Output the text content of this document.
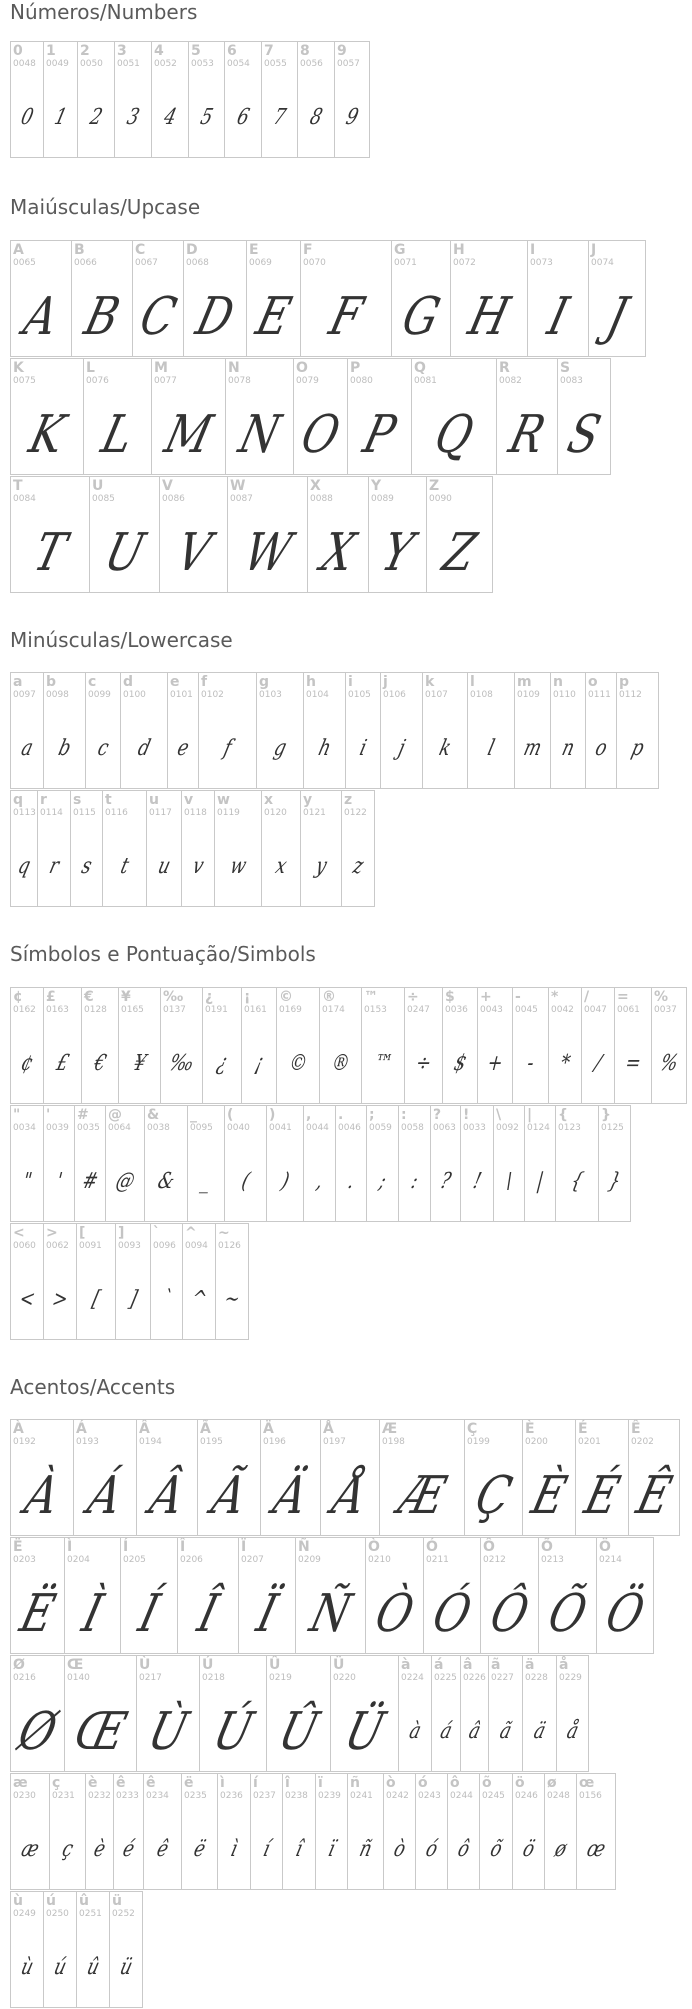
Números/Numbers
0
0048
0
1
0049
1
2
0050
2
3
0051
3
4
0052
4
5
0053
5
6
0054
6
7
0055
7
8
0056
8
9
0057
9
Maiúsculas/Upcase
A
0065
A
B
0066
B
C
0067
C
D
0068
D
E
0069
E
F
0070
F
G
0071
G
H
0072
H
I
0073
I
J
0074
J
K
0075
K
L
0076
L
M
0077
M
N
0078
N
O
0079
O
P
0080
P
Q
0081
Q
R
0082
R
S
0083
S
T
0084
T
U
0085
U
V
0086
V
W
0087
W
X
0088
X
Y
0089
Y
Z
0090
Z
Minúsculas/Lowercase
a
0097
a
b
0098
b
c
0099
c
d
0100
d
e
0101
e
f
0102
f
g
0103
g
h
0104
h
i
0105
i
j
0106
j
k
0107
k
l
0108
l
m
0109
m
n
0110
n
o
0111
o
p
0112
p
q
0113
q
r
0114
r
s
0115
s
t
0116
t
u
0117
u
v
0118
v
w
0119
w
x
0120
x
y
0121
y
z
0122
z
Símbolos e Pontuação/Simbols
¢
0162
¢
£
0163
£
€
0128
€
¥
0165
¥
‰
0137
‰
¿
0191
¿
¡
0161
¡
©
0169
©
®
0174
®
™
0153
™
÷
0247
÷
$
0036
$
+
0043
+
-
0045
-
*
0042
*
/
0047
/
=
0061
=
%
0037
%
"
0034
"
'
0039
'
#
0035
#
@
0064
@
&
0038
&
_
0095
_
(
0040
(
)
0041
)
,
0044
,
.
0046
.
;
0059
;
:
0058
:
?
0063
?
!
0033
!
\
0092
\
|
0124
|
{
0123
{
}
0125
}
<
0060
<
>
0062
>
[
0091
[
]
0093
]
`
0096
`
^
0094
^
~
0126
~
Acentos/Accents
À
0192
À
Á
0193
Á
Â
0194
Â
Ã
0195
Ã
Ä
0196
Ä
Å
0197
Å
Æ
0198
Æ
Ç
0199
Ç
È
0200
È
É
0201
É
Ê
0202
Ê
Ë
0203
Ë
Ì
0204
Ì
Í
0205
Í
Î
0206
Î
Ï
0207
Ï
Ñ
0209
Ñ
Ò
0210
Ò
Ó
0211
Ó
Ô
0212
Ô
Õ
0213
Õ
Ö
0214
Ö
Ø
0216
Ø
Œ
0140
Œ
Ù
0217
Ù
Ú
0218
Ú
Û
0219
Û
Ü
0220
Ü
à
0224
à
á
0225
á
â
0226
â
ã
0227
ã
ä
0228
ä
å
0229
å
æ
0230
æ
ç
0231
ç
è
0232
è
ê
0233
é
ê
0234
ê
ë
0235
ë
ì
0236
ì
í
0237
í
î
0238
î
ï
0239
ï
ñ
0241
ñ
ò
0242
ò
ó
0243
ó
ô
0244
ô
õ
0245
õ
ö
0246
ö
ø
0248
ø
œ
0156
œ
ù
0249
ù
ú
0250
ú
û
0251
û
ü
0252
ü
